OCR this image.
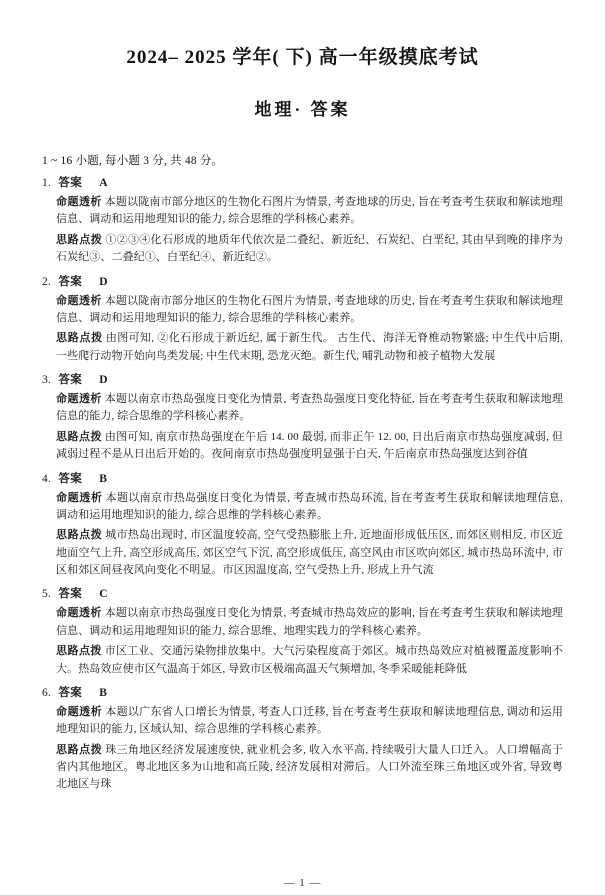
2024– 2025 学年( 下) 高一年级摸底考试
地理· 答案
1 ~ 16 小题, 每小题 3 分, 共 48 分。
1. 答案 A
命题透析 本题以陇南市部分地区的生物化石图片为情景, 考查地球的历史, 旨在考查考生获取和解读地理信息、调动和运用地理知识的能力, 综合思维的学科核心素养。
思路点拨 ①②③④化石形成的地质年代依次是二叠纪、新近纪、石炭纪、白垩纪, 其由早到晚的排序为石炭纪③、二叠纪①、白垩纪④、新近纪②。
2. 答案 D
命题透析 本题以陇南市部分地区的生物化石图片为情景, 考查地球的历史, 旨在考查考生获取和解读地理信息、调动和运用地理知识的能力, 综合思维的学科核心素养。
思路点拨 由图可知, ②化石形成于新近纪, 属于新生代。 古生代、海洋无脊椎动物繁盛; 中生代中后期, 一些爬行动物开始向鸟类发展; 中生代末期, 恐龙灭绝。新生代, 哺乳动物和被子植物大发展
3. 答案 D
命题透析 本题以南京市热岛强度日变化为情景, 考查热岛强度日变化特征, 旨在考查考生获取和解读地理信息的能力, 综合思维的学科核心素养。
思路点拨 由图可知, 南京市热岛强度在午后 14. 00 最弱, 而非正午 12. 00, 日出后南京市热岛强度减弱, 但减弱过程不是从日出后开始的。夜间南京市热岛强度明显强于白天, 午后南京市热岛强度达到谷值
4. 答案 B
命题透析 本题以南京市热岛强度日变化为情景, 考查城市热岛环流, 旨在考查考生获取和解读地理信息, 调动和运用地理知识的能力, 综合思维的学科核心素养。
思路点拨 城市热岛出现时, 市区温度较高, 空气受热膨胀上升, 近地面形成低压区, 而郊区则相反, 市区近地面空气上升, 高空形成高压, 郊区空气下沉, 高空形成低压, 高空风由市区吹向郊区, 城市热岛环流中, 市区和郊区间昼夜风向变化不明显。市区因温度高, 空气受热上升, 形成上升气流
5. 答案 C
命题透析 本题以南京市热岛强度日变化为情景, 考查城市热岛效应的影响, 旨在考查考生获取和解读地理信息、调动和运用地理知识的能力, 综合思维、地理实践力的学科核心素养。
思路点拨 市区工业、交通污染物排放集中。大气污染程度高于郊区。城市热岛效应对植被覆盖度影响不大。热岛效应使市区气温高于郊区, 导致市区极端高温天气频增加, 冬季采暖能耗降低
6. 答案 B
命题透析 本题以广东省人口增长为情景, 考查人口迁移, 旨在考查考生获取和解读地理信息, 调动和运用地理知识的能力, 区域认知、综合思维的学科核心素养。
思路点拨 珠三角地区经济发展速度快, 就业机会多, 收入水平高, 持续吸引大量人口迁入。人口增幅高于省内其他地区。粤北地区多为山地和高丘陵, 经济发展相对滞后。人口外流至珠三角地区或外省, 导致粤北地区与珠
— 1 —
